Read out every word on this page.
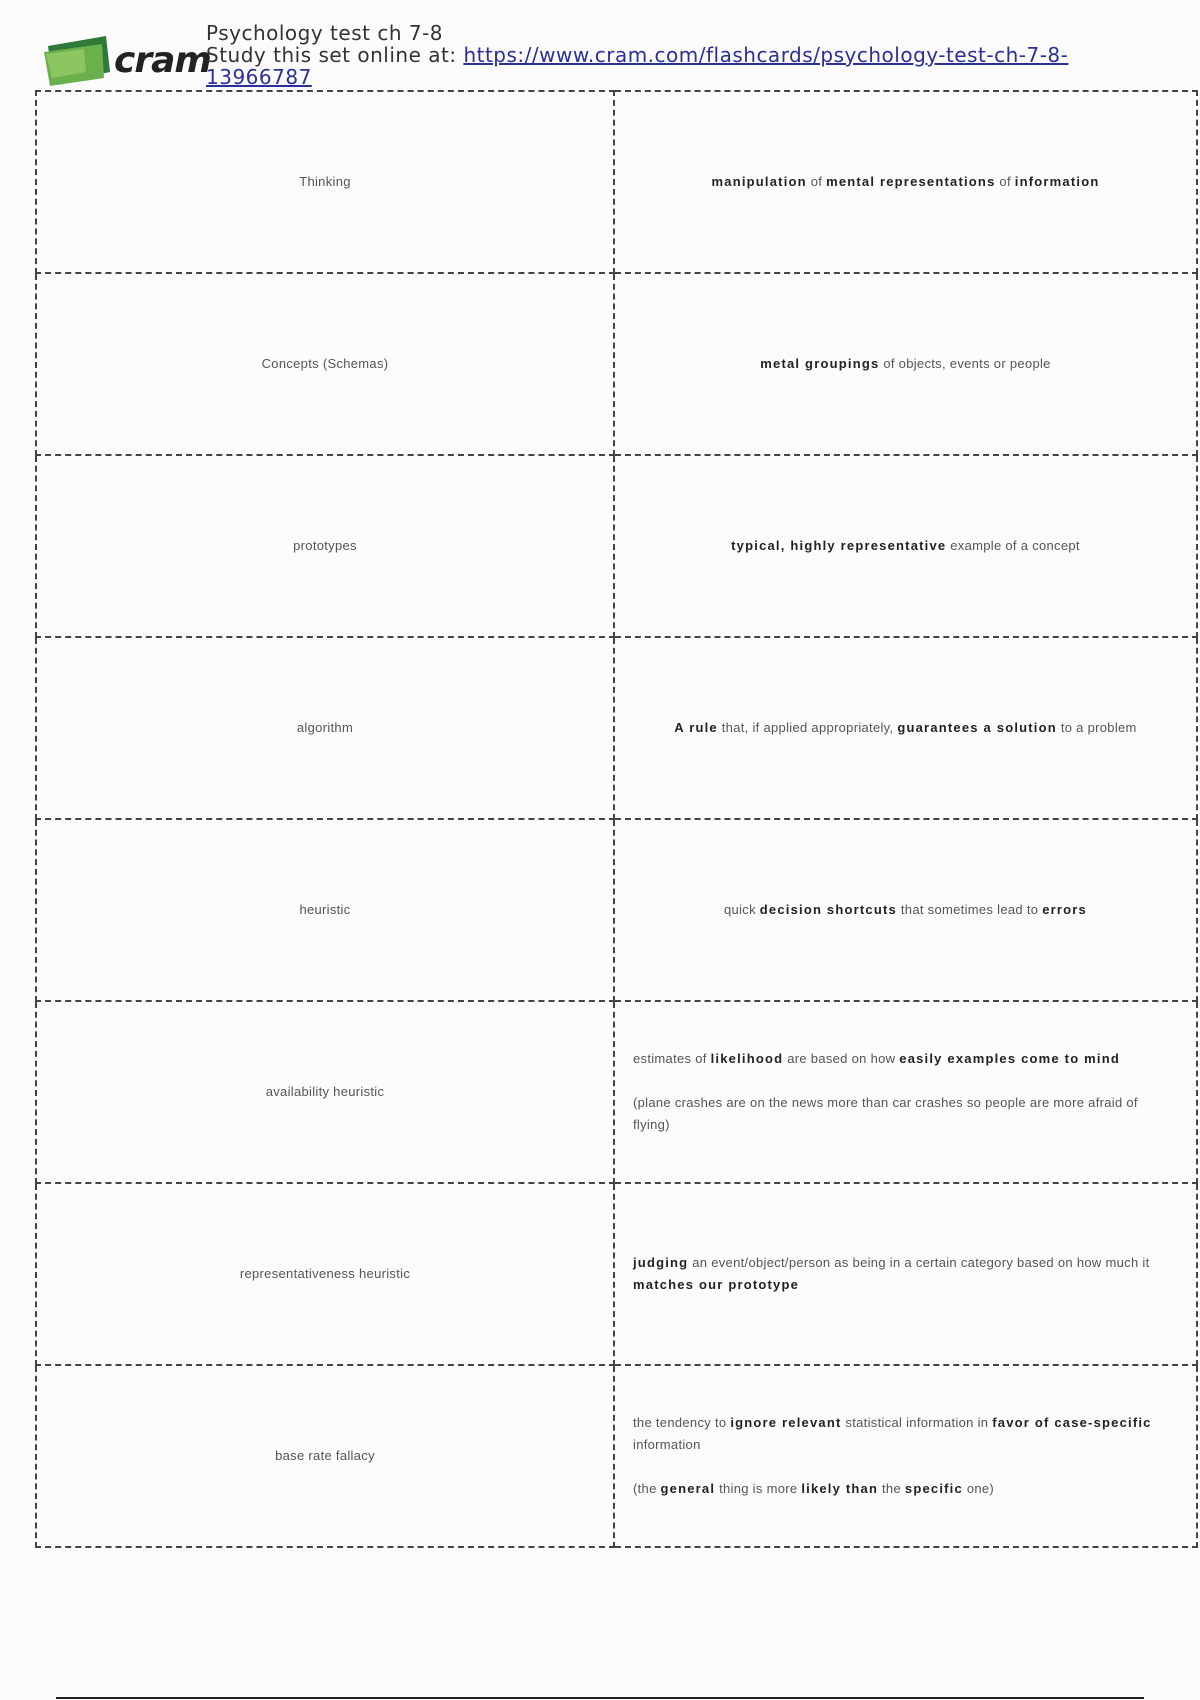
cram
Psychology test ch 7-8
Study this set online at: https://www.cram.com/flashcards/psychology-test-ch-7-8-13966787
Thinking	manipulation of mental representations of information

Concepts (Schemas)	metal groupings of objects, events or people

prototypes	typical, highly representative example of a concept

algorithm	A rule that, if applied appropriately, guarantees a solution to a problem

heuristic	quick decision shortcuts that sometimes lead to errors

availability heuristic	estimates of likelihood are based on how easily examples come to mind

(plane crashes are on the news more than car crashes so people are more afraid of flying)

representativeness heuristic	judging an event/object/person as being in a certain category based on how much it matches our prototype

base rate fallacy	the tendency to ignore relevant statistical information in favor of case-specific information

(the general thing is more likely than the specific one)
